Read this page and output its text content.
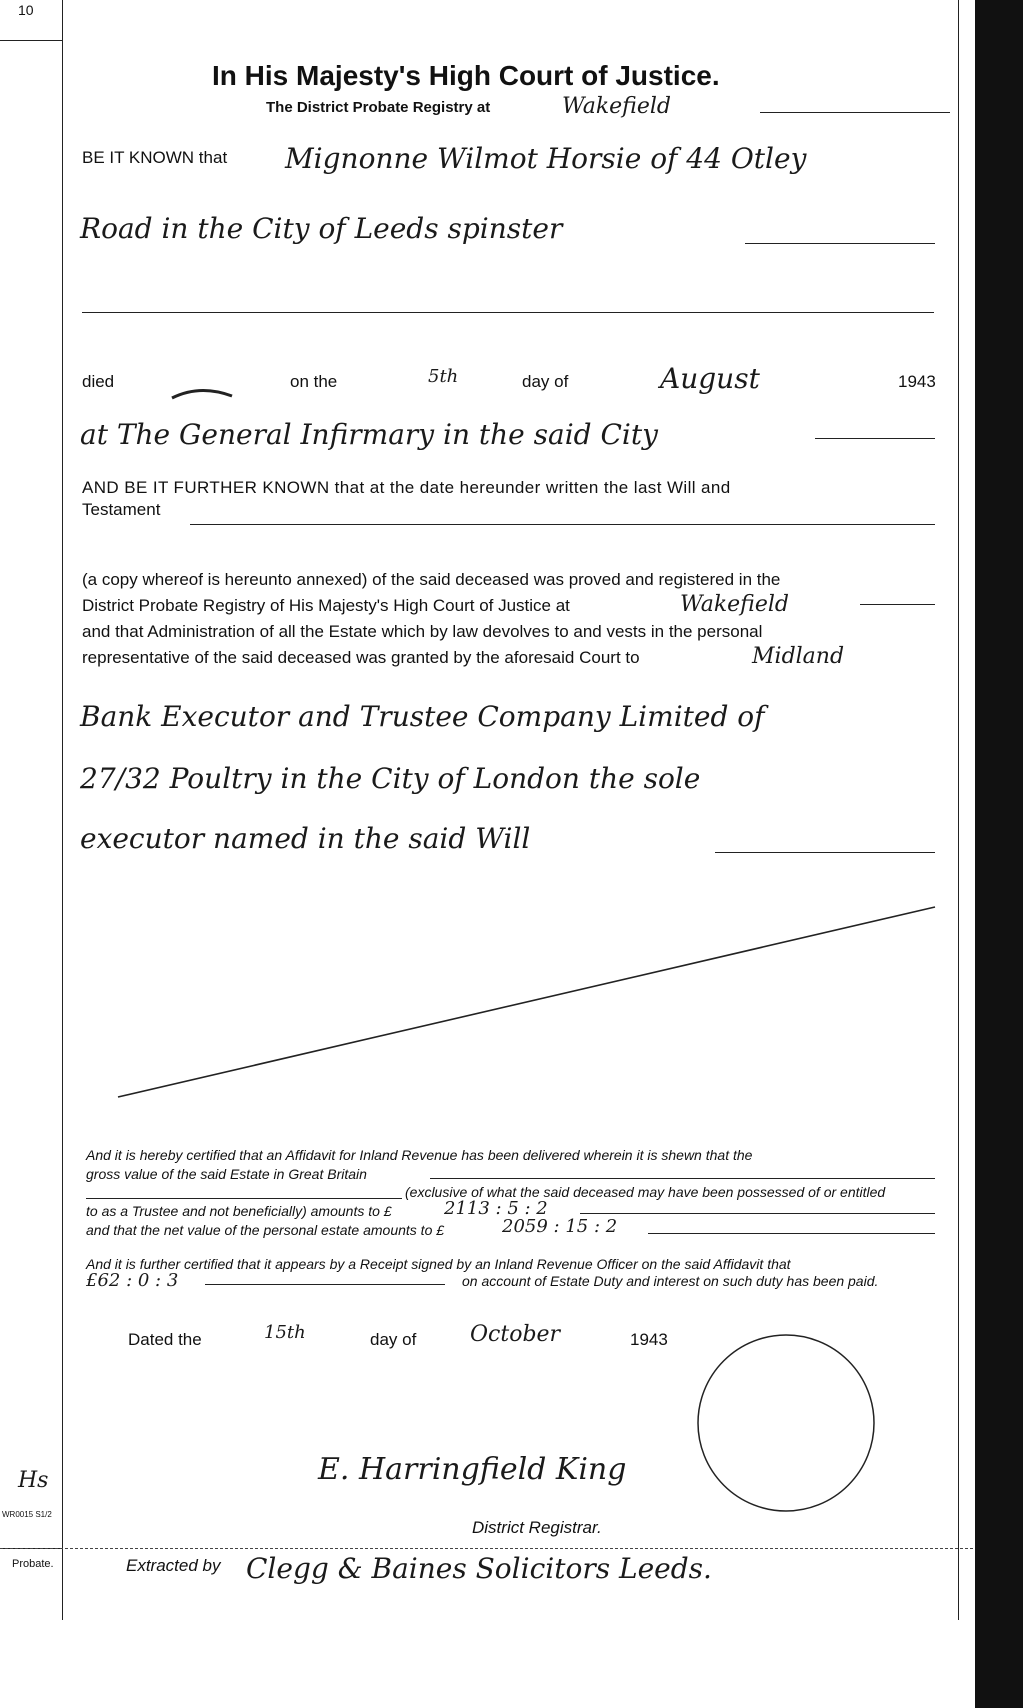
10
Hs
WR0015 S1/2
Probate.
In His Majesty's High Court of Justice.
The District Probate Registry at	Wakefield
BE IT KNOWN that Mignonne Wilmot Horsie of 44 Otley
Road in the City of Leeds spinster
died	on the	5th	day of	August	1943
at The General Infirmary in the said City
AND BE IT FURTHER KNOWN that at the date hereunder written the last Will and
Testament
(a copy whereof is hereunto annexed) of the said deceased was proved and registered in the
District Probate Registry of His Majesty's High Court of Justice at	Wakefield
and that Administration of all the Estate which by law devolves to and vests in the personal
representative of the said deceased was granted by the aforesaid Court to	Midland
Bank Executor and Trustee Company Limited of
27/32 Poultry in the City of London the sole
executor named in the said Will
And it is hereby certified that an Affidavit for Inland Revenue has been delivered wherein it is shewn that the
gross value of the said Estate in Great Britain
(exclusive of what the said deceased may have been possessed of or entitled
to as a Trustee and not beneficially) amounts to £	2113 : 5 : 2
and that the net value of the personal estate amounts to £	2059 : 15 : 2
And it is further certified that it appears by a Receipt signed by an Inland Revenue Officer on the said Affidavit that
£62 : 0 : 3	on account of Estate Duty and interest on such duty has been paid.
Dated the	15th	day of October	1943
E. Harringfield King
District Registrar.
Extracted by Clegg & Baines Solicitors Leeds.
